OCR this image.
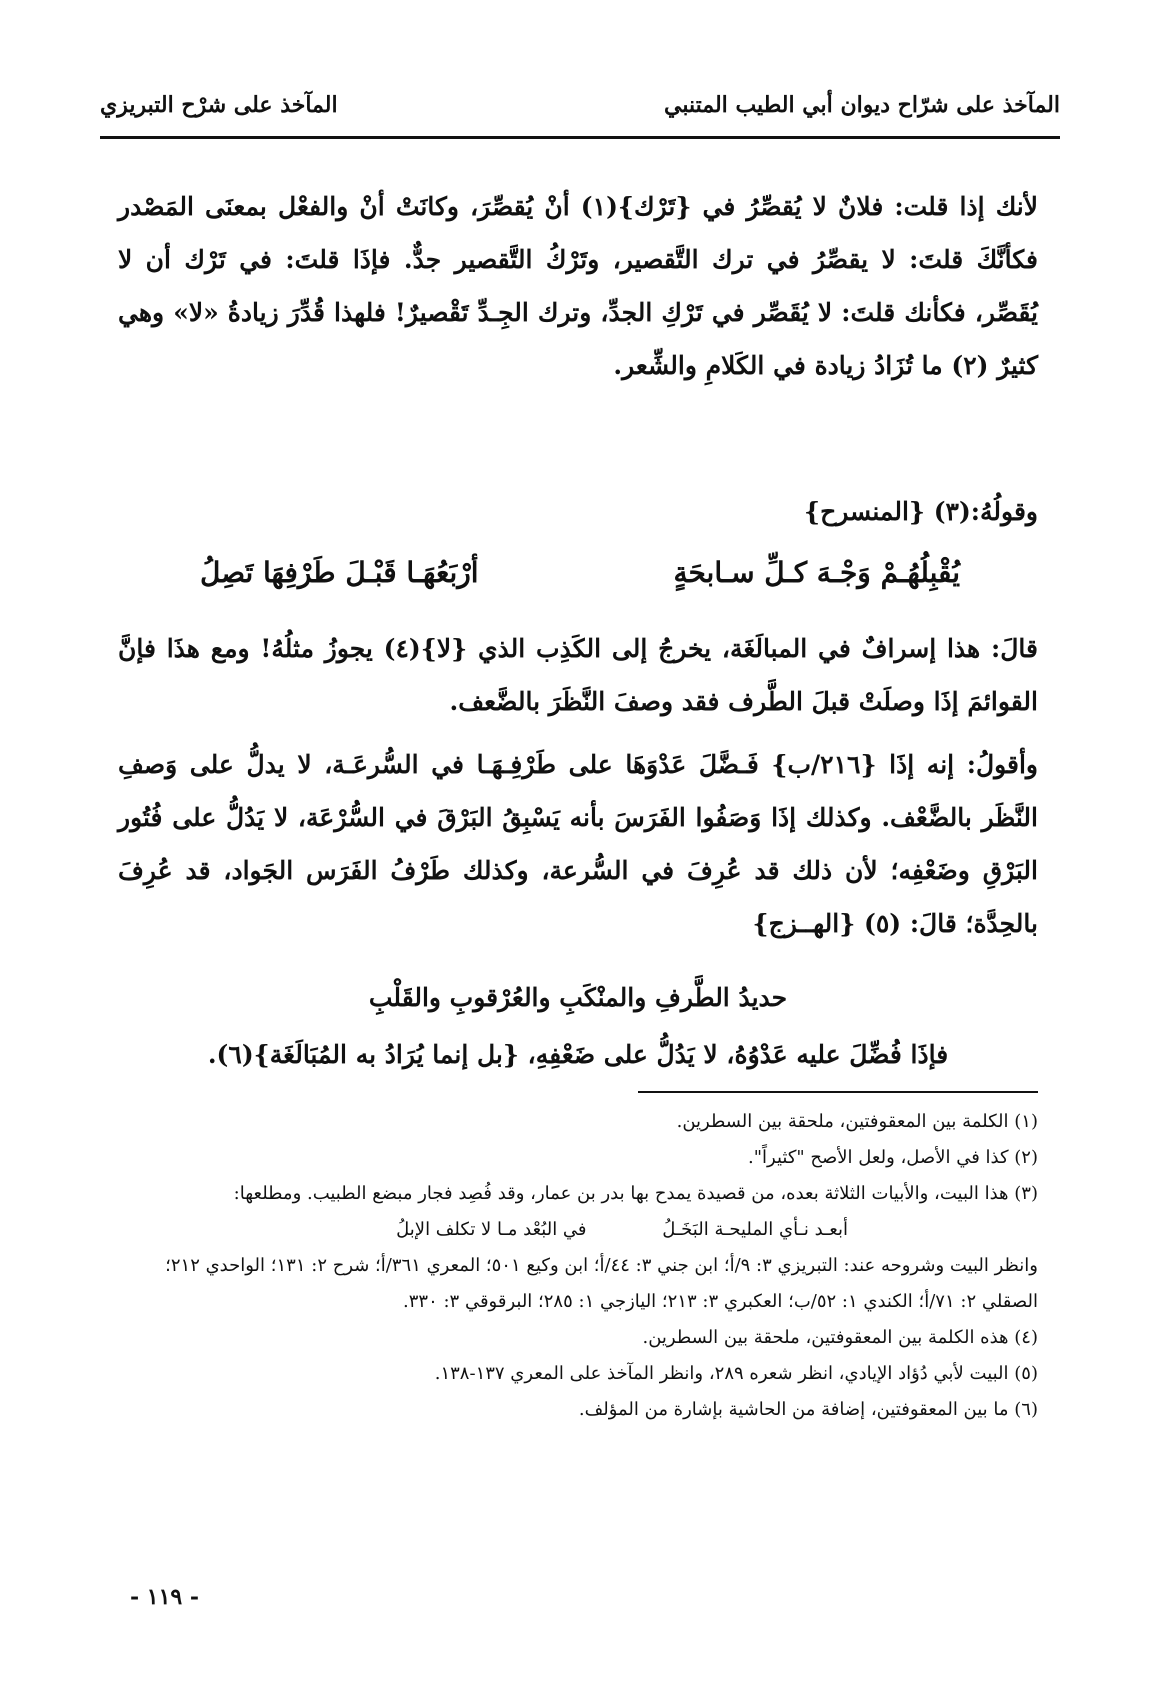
المآخذ على شرّاح ديوان أبي الطيب المتنبي
المآخذ على شرْح التبريزي
لأنك إذا قلت: فلانٌ لا يُقصِّرُ في {تَرْك}(١) أنْ يُقصِّرَ، وكانَتْ أنْ والفعْل بمعنَى المَصْدر فكأنَّكَ قلتَ: لا يقصِّرُ في ترك التَّقصير، وتَرْكُ التَّقصير جدٌّ. فإذَا قلتَ: في تَرْك أن لا يُقَصِّر، فكأنك قلتَ: لا يُقَصِّر في تَرْكِ الجدِّ، وترك الجِـدِّ تَقْصيرٌ! فلهذا قُدِّرَ زيادةُ «لا» وهي كثيرٌ (٢) ما تُزَادُ زيادة في الكَلامِ والشِّعر.
وقولُهُ:(٣) {المنسرح}
يُقْبِلُهُـمْ وَجْـهَ كـلِّ سـابحَةٍ
أرْبَعُهَـا قَبْـلَ طَرْفِهَا تَصِلُ
قالَ: هذا إسرافٌ في المبالَغَة، يخرجُ إلى الكَذِب الذي {لا}(٤) يجوزُ مثلُهُ! ومع هذَا فإنَّ القوائمَ إذَا وصلَتْ قبلَ الطَّرف فقد وصفَ النَّظَرَ بالضَّعف.
وأقولُ: إنه إذَا {٢١٦/ب} فَـضَّلَ عَدْوَهَا على طَرْفِـهَـا في السُّرعَـة، لا يدلُّ على وَصفِ النَّظَر بالضَّعْف. وكذلك إذَا وَصَفُوا الفَرَسَ بأنه يَسْبِقُ البَرْقَ في السُّرْعَة، لا يَدُلُّ على فُتُور البَرْقِ وضَعْفِه؛ لأن ذلك قد عُرِفَ في السُّرعة، وكذلك طَرْفُ الفَرَس الجَواد، قد عُرِفَ بالحِدَّة؛ قالَ: (٥) {الهــزج}
حديدُ الطَّرفِ والمنْكَبِ والعُرْقوبِ والقَلْبِ
فإذَا فُضِّلَ عليه عَدْوُهُ، لا يَدُلُّ على ضَعْفِهِ، {بل إنما يُرَادُ به المُبَالَغَة}(٦).

(١) الكلمة بين المعقوفتين، ملحقة بين السطرين.

(٢) كذا في الأصل، ولعل الأصح "كثيراً".

(٣) هذا البيت، والأبيات الثلاثة بعده، من قصيدة يمدح بها بدر بن عمار، وقد فُصِد فجار مبضع الطبيب. ومطلعها:

أبعـد نـأي المليحـة البَخَـلُ في البُعْد مـا لا تكلف الإبلُ

وانظر البيت وشروحه عند: التبريزي ٣: ٩/أ؛ ابن جني ٣: ٤٤/أ؛ ابن وكيع ٥٠١؛ المعري ٣٦١/أ؛ شرح ٢: ١٣١؛ الواحدي ٢١٢؛ الصقلي ٢: ٧١/أ؛ الكندي ١: ٥٢/ب؛ العكبري ٣: ٢١٣؛ اليازجي ١: ٢٨٥؛ البرقوقي ٣: ٣٣٠.

(٤) هذه الكلمة بين المعقوفتين، ملحقة بين السطرين.

(٥) البيت لأبي دُؤاد الإيادي، انظر شعره ٢٨٩، وانظر المآخذ على المعري ١٣٧-١٣٨.

(٦) ما بين المعقوفتين، إضافة من الحاشية بإشارة من المؤلف.

- ١١٩ -
